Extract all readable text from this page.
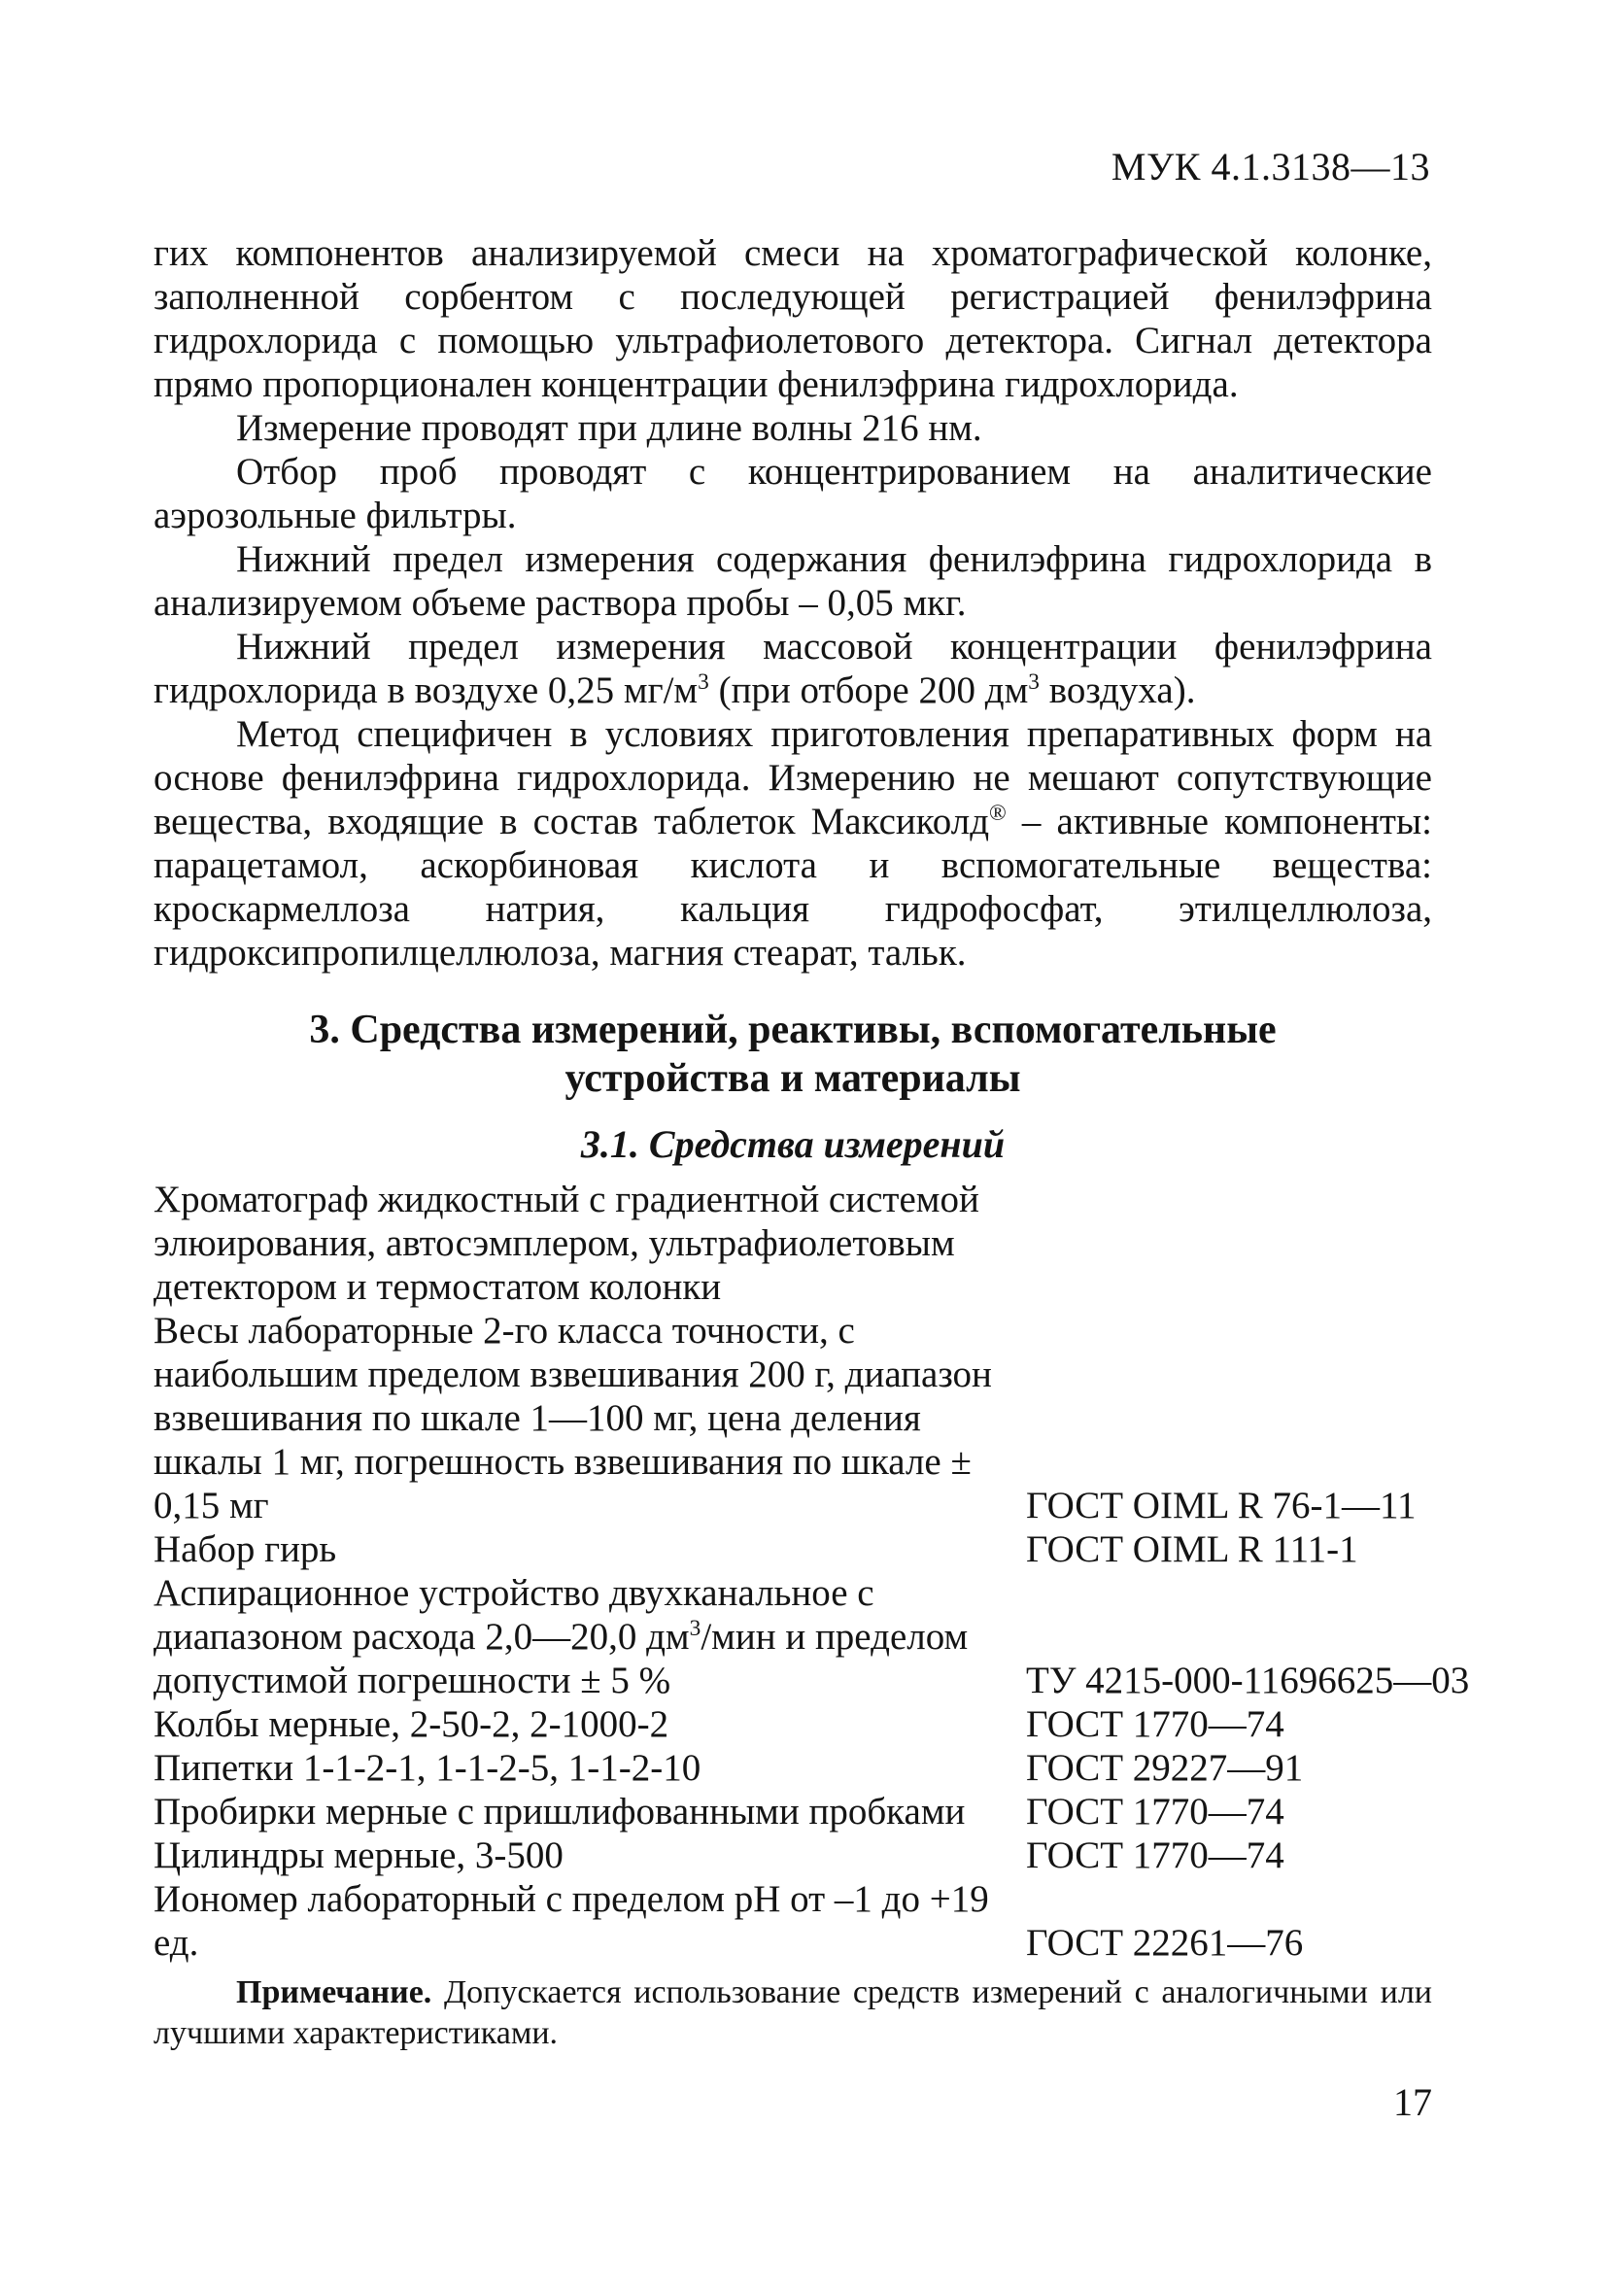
МУК 4.1.3138—13

гих компонентов анализируемой смеси на хроматографической колонке, заполненной сорбентом с последующей регистрацией фенилэфрина гидрохлорида с помощью ультрафиолетового детектора. Сигнал детектора прямо пропорционален концентрации фенилэфрина гидрохлорида.

Измерение проводят при длине волны 216 нм.

Отбор проб проводят с концентрированием на аналитические аэрозольные фильтры.

Нижний предел измерения содержания фенилэфрина гидрохлорида в анализируемом объеме раствора пробы – 0,05 мкг.

Нижний предел измерения массовой концентрации фенилэфрина гидрохлорида в воздухе 0,25 $мг/м^3$ (при отборе 200 $дм^3$ воздуха).

Метод специфичен в условиях приготовления препаративных форм на основе фенилэфрина гидрохлорида. Измерению не мешают сопутствующие вещества, входящие в состав таблеток Максиколд® – активные компоненты: парацетамол, аскорбиновая кислота и вспомогательные вещества: кроскармеллоза натрия, кальция гидрофосфат, этилцеллюлоза, гидроксипропилцеллюлоза, магния стеарат, тальк.

3. Средства измерений, реактивы, вспомогательные
устройства и материалы
3.1. Средства измерений
Хроматограф жидкостный с градиентной системой элюирования, автосэмплером, ультрафиолетовым детектором и термостатом колонки	
Весы лабораторные 2-го класса точности, с наибольшим пределом взвешивания 200 г, диапазон взвешивания по шкале 1—100 мг, цена деления шкалы 1 мг, погрешность взвешивания по шкале ± 0,15 мг	ГОСТ OIML R 76-1—11
Набор гирь	ГОСТ OIML R 111-1
Аспирационное устройство двухканальное с диапазоном расхода 2,0—20,0 $дм^3$/мин и пределом допустимой погрешности ± 5 %	ТУ 4215-000-11696625—03
Колбы мерные, 2-50-2, 2-1000-2	ГОСТ 1770—74
Пипетки 1-1-2-1, 1-1-2-5, 1-1-2-10	ГОСТ 29227—91
Пробирки мерные с пришлифованными пробками	ГОСТ 1770—74
Цилиндры мерные, 3-500	ГОСТ 1770—74
Иономер лабораторный с пределом pH от –1 до +19 ед.	ГОСТ 22261—76
Примечание. Допускается использование средств измерений с аналогичными или лучшими характеристиками.
17
